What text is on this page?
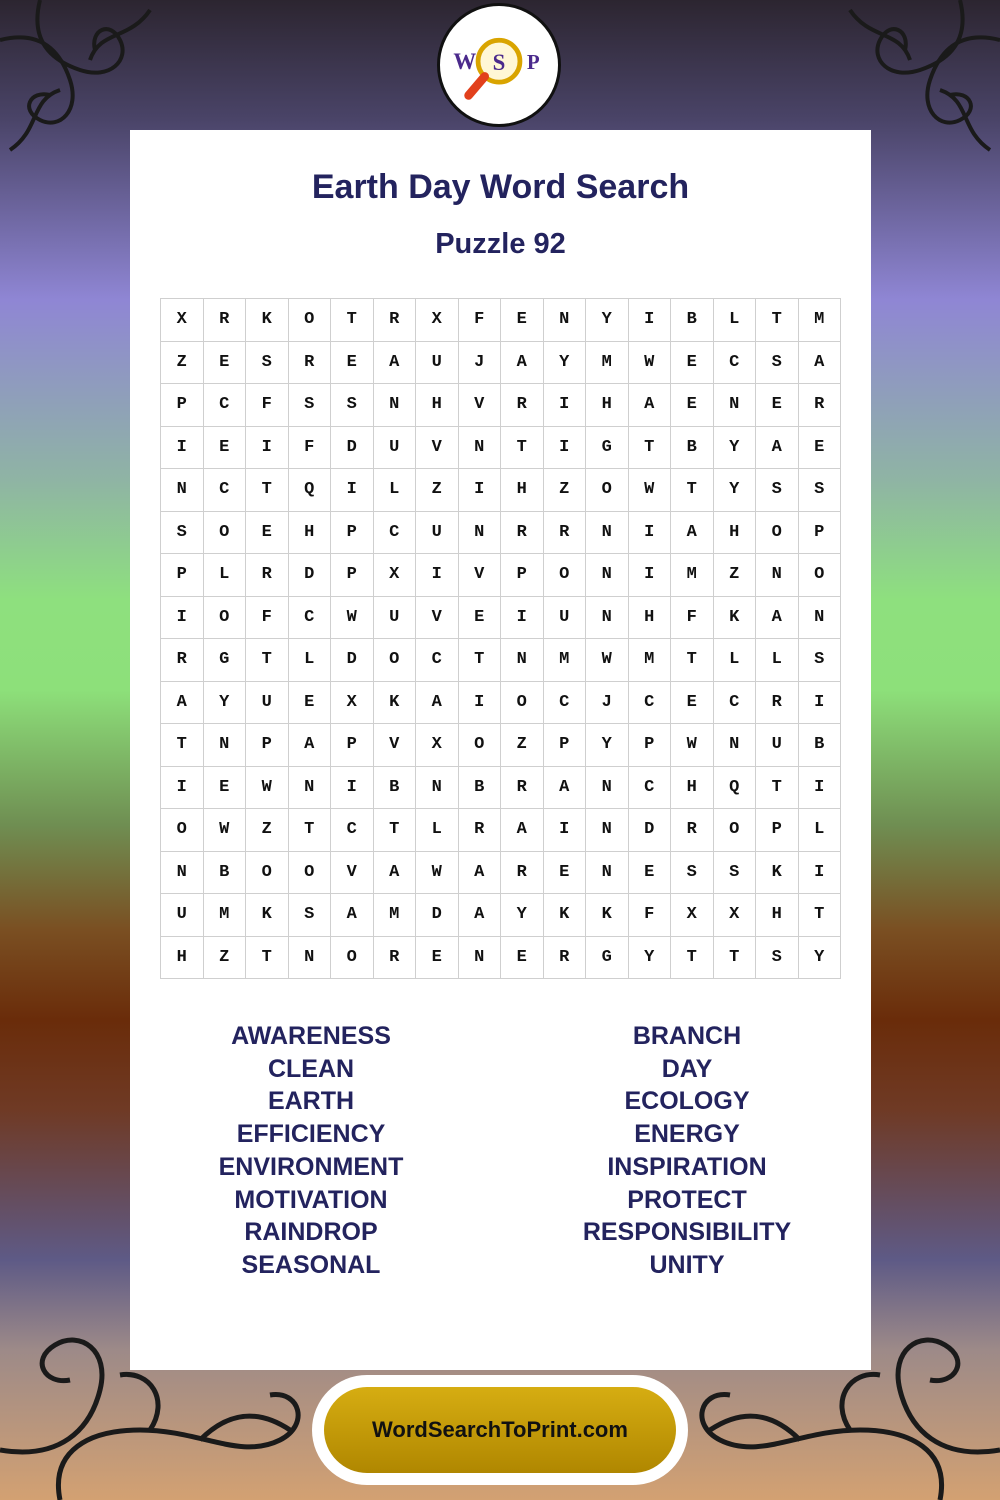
W S P
Earth Day Word Search
Puzzle 92
X	R	K	O	T	R	X	F	E	N	Y	I	B	L	T	M
Z	E	S	R	E	A	U	J	A	Y	M	W	E	C	S	A
P	C	F	S	S	N	H	V	R	I	H	A	E	N	E	R
I	E	I	F	D	U	V	N	T	I	G	T	B	Y	A	E
N	C	T	Q	I	L	Z	I	H	Z	O	W	T	Y	S	S
S	O	E	H	P	C	U	N	R	R	N	I	A	H	O	P
P	L	R	D	P	X	I	V	P	O	N	I	M	Z	N	O
I	O	F	C	W	U	V	E	I	U	N	H	F	K	A	N
R	G	T	L	D	O	C	T	N	M	W	M	T	L	L	S
A	Y	U	E	X	K	A	I	O	C	J	C	E	C	R	I
T	N	P	A	P	V	X	O	Z	P	Y	P	W	N	U	B
I	E	W	N	I	B	N	B	R	A	N	C	H	Q	T	I
O	W	Z	T	C	T	L	R	A	I	N	D	R	O	P	L
N	B	O	O	V	A	W	A	R	E	N	E	S	S	K	I
U	M	K	S	A	M	D	A	Y	K	K	F	X	X	H	T
H	Z	T	N	O	R	E	N	E	R	G	Y	T	T	S	Y
AWARENESS
CLEAN
EARTH
EFFICIENCY
ENVIRONMENT
MOTIVATION
RAINDROP
SEASONAL
BRANCH
DAY
ECOLOGY
ENERGY
INSPIRATION
PROTECT
RESPONSIBILITY
UNITY
WordSearchToPrint.com
